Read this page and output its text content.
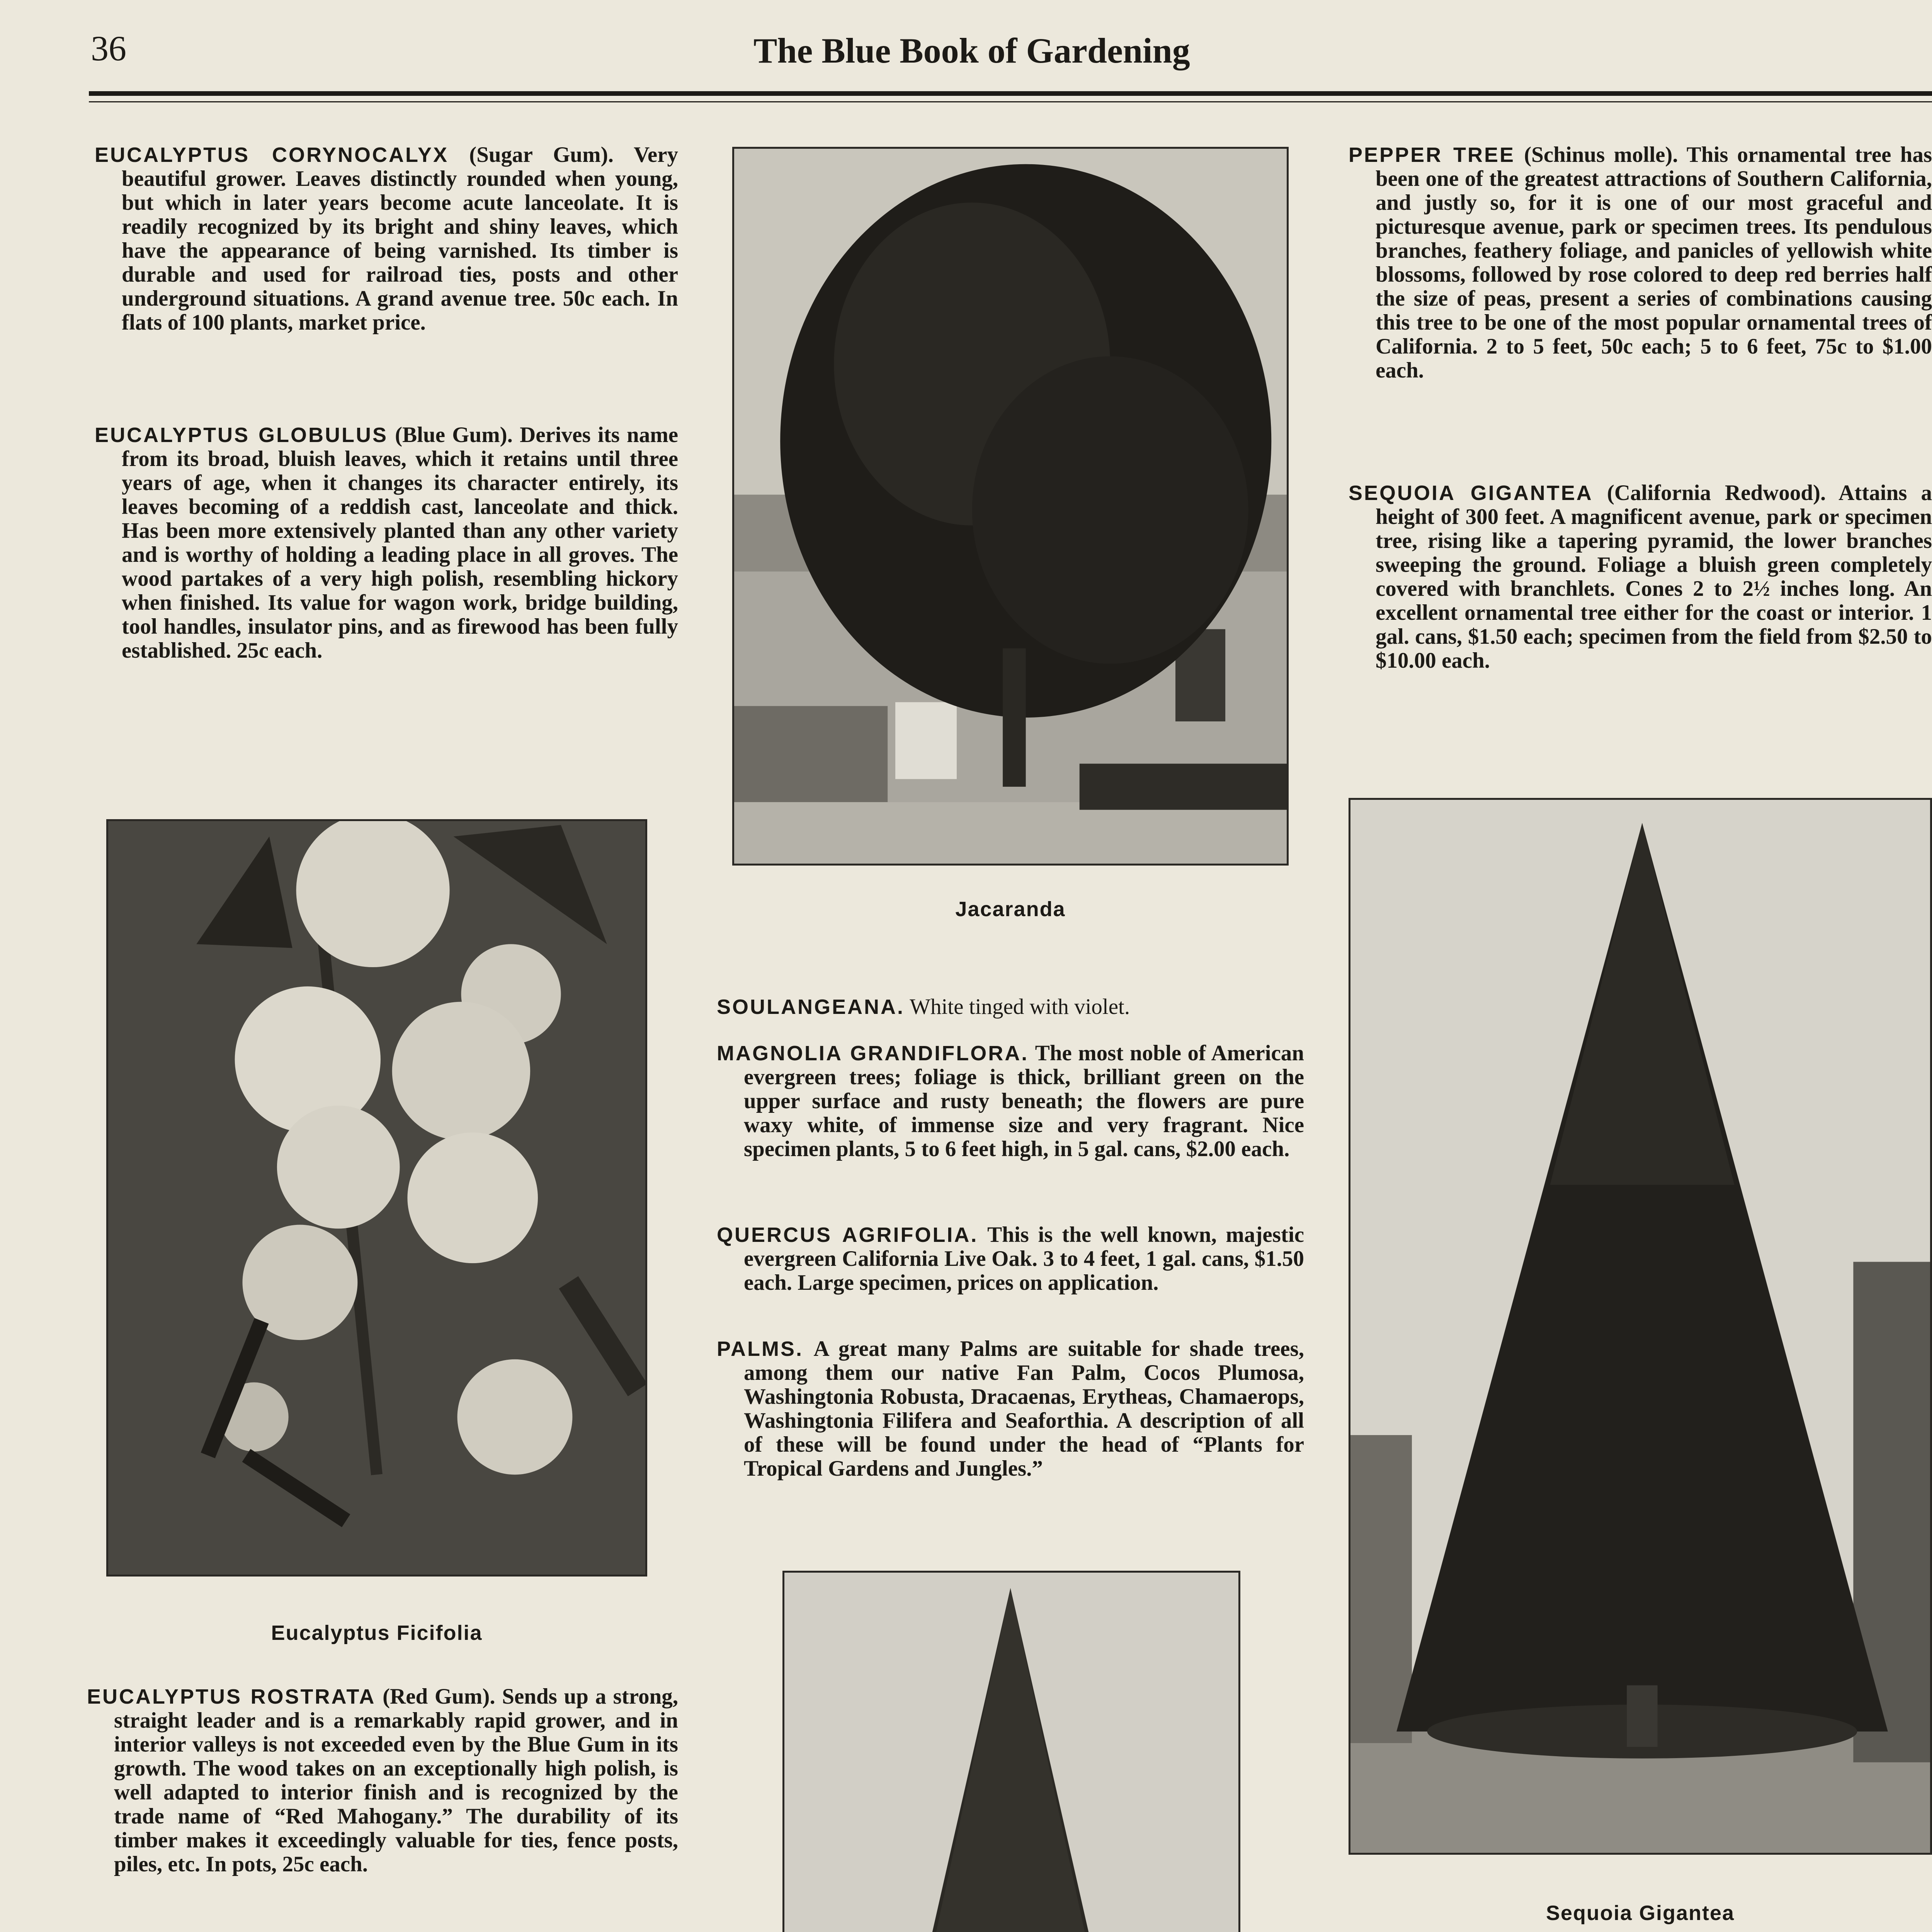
36	The Blue Book of Gardening
EUCALYPTUS CORYNOCALYX (Sugar Gum). Very beautiful grower. Leaves distinctly rounded when young, but which in later years become acute lanceolate. It is readily recognized by its bright and shiny leaves, which have the appearance of being varnished. Its timber is durable and used for railroad ties, posts and other underground situations. A grand avenue tree. 50c each. In flats of 100 plants, market price.
EUCALYPTUS GLOBULUS (Blue Gum). Derives its name from its broad, bluish leaves, which it retains until three years of age, when it changes its character entirely, its leaves becoming of a reddish cast, lanceolate and thick. Has been more extensively planted than any other variety and is worthy of holding a leading place in all groves. The wood partakes of a very high polish, resembling hickory when finished. Its value for wagon work, bridge building, tool handles, insulator pins, and as firewood has been fully established. 25c each.
Eucalyptus Ficifolia
EUCALYPTUS ROSTRATA (Red Gum). Sends up a strong, straight leader and is a remarkably rapid grower, and in interior valleys is not exceeded even by the Blue Gum in its growth. The wood takes on an exceptionally high polish, is well adapted to interior finish and is recognized by the trade name of “Red Mahogany.” The durability of its timber makes it exceedingly valuable for ties, fence posts, piles, etc. In pots, 25c each.
Jacaranda
SOULANGEANA. White tinged with violet.
MAGNOLIA GRANDIFLORA. The most noble of American evergreen trees; foliage is thick, brilliant green on the upper surface and rusty beneath; the flowers are pure waxy white, of immense size and very fragrant. Nice specimen plants, 5 to 6 feet high, in 5 gal. cans, $2.00 each.
QUERCUS AGRIFOLIA. This is the well known, majestic evergreen California Live Oak. 3 to 4 feet, 1 gal. cans, $1.50 each. Large specimen, prices on application.
PALMS. A great many Palms are suitable for shade trees, among them our native Fan Palm, Cocos Plumosa, Washingtonia Robusta, Dracaenas, Erytheas, Chamaerops, Washingtonia Filifera and Seaforthia. A description of all of these will be found under the head of “Plants for Tropical Gardens and Jungles.”
PEPPER TREE (Schinus molle). This ornamental tree has been one of the greatest attractions of Southern California, and justly so, for it is one of our most graceful and picturesque avenue, park or specimen trees. Its pendulous branches, feathery foliage, and panicles of yellowish white blossoms, followed by rose colored to deep red berries half the size of peas, present a series of combinations causing this tree to be one of the most popular ornamental trees of California. 2 to 5 feet, 50c each; 5 to 6 feet, 75c to $1.00 each.
SEQUOIA GIGANTEA (California Redwood). Attains a height of 300 feet. A magnificent avenue, park or specimen tree, rising like a tapering pyramid, the lower branches sweeping the ground. Foliage a bluish green completely covered with branchlets. Cones 2 to 2½ inches long. An excellent ornamental tree either for the coast or interior. 1 gal. cans, $1.50 each; specimen from the field from $2.50 to $10.00 each.
Sequoia Gigantea
